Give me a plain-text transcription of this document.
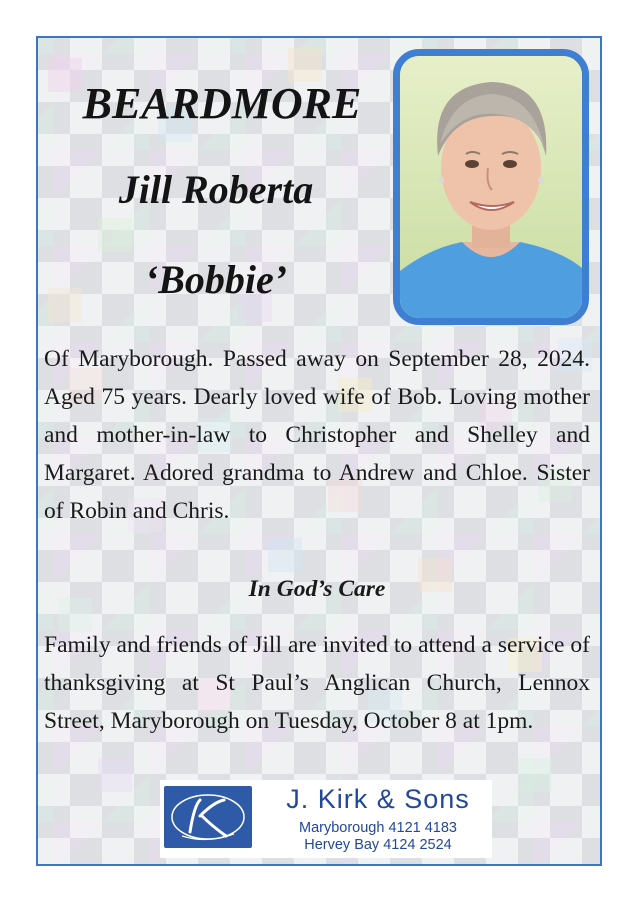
BEARDMORE
Jill Roberta
‘Bobbie’

Of Maryborough. Passed away on September 28, 2024. Aged 75 years. Dearly loved wife of Bob. Loving mother and mother-in-law to Christopher and Shelley and Margaret. Adored grandma to Andrew and Chloe. Sister of Robin and Chris.

In God’s Care

Family and friends of Jill are invited to attend a service of thanksgiving at St Paul’s Anglican Church, Lennox Street, Maryborough on Tuesday, October 8 at 1pm.

J. Kirk & Sons
Maryborough 4121 4183
Hervey Bay 4124 2524
